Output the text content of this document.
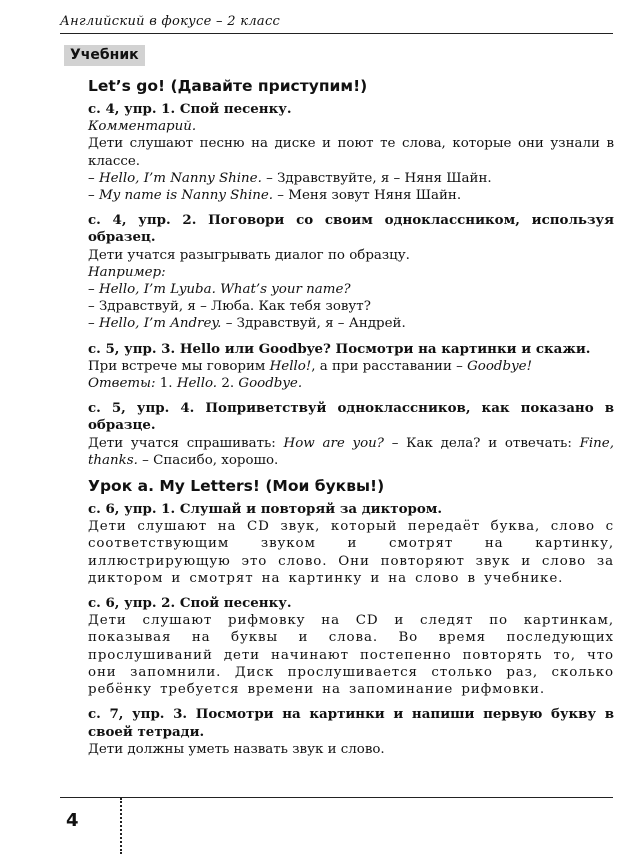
Английский в фокусе – 2 класс
Учебник
Let’s go! (Давайте приступим!)

с. 4, упр. 1. Спой песенку.

Комментарий.

Дети слушают песню на диске и поют те слова, которые они узнали в классе.

– Hello, I’m Nanny Shine. – Здравствуйте, я – Няня Шайн.

– My name is Nanny Shine. – Меня зовут Няня Шайн.

с. 4, упр. 2. Поговори со своим одноклассником, используя образец.

Дети учатся разыгрывать диалог по образцу.

Например:

– Hello, I’m Lyuba. What’s your name?

– Здравствуй, я – Люба. Как тебя зовут?

– Hello, I’m Andrey. – Здравствуй, я – Андрей.

с. 5, упр. 3. Hello или Goodbye? Посмотри на картинки и скажи.

При встрече мы говорим Hello!, а при расставании – Goodbye!

Ответы: 1. Hello. 2. Goodbye.

с. 5, упр. 4. Поприветствуй одноклассников, как показано в образце.

Дети учатся спрашивать: How are you? – Как дела? и отвечать: Fine, thanks. – Спасибо, хорошо.

Урок a. My Letters! (Мои буквы!)

с. 6, упр. 1. Слушай и повторяй за диктором.

Дети слушают на CD звук, который передаёт буква, слово с соответствующим звуком и смотрят на картинку, иллюстрирующую это слово. Они повторяют звук и слово за диктором и смотрят на картинку и на слово в учебнике.

с. 6, упр. 2. Спой песенку.

Дети слушают рифмовку на CD и следят по картинкам, показывая на буквы и слова. Во время последующих прослушиваний дети начинают постепенно повторять то, что они запомнили. Диск прослушивается столько раз, сколько ребёнку требуется времени на запоминание рифмовки.

с. 7, упр. 3. Посмотри на картинки и напиши первую букву в своей тетради.

Дети должны уметь назвать звук и слово.

4
